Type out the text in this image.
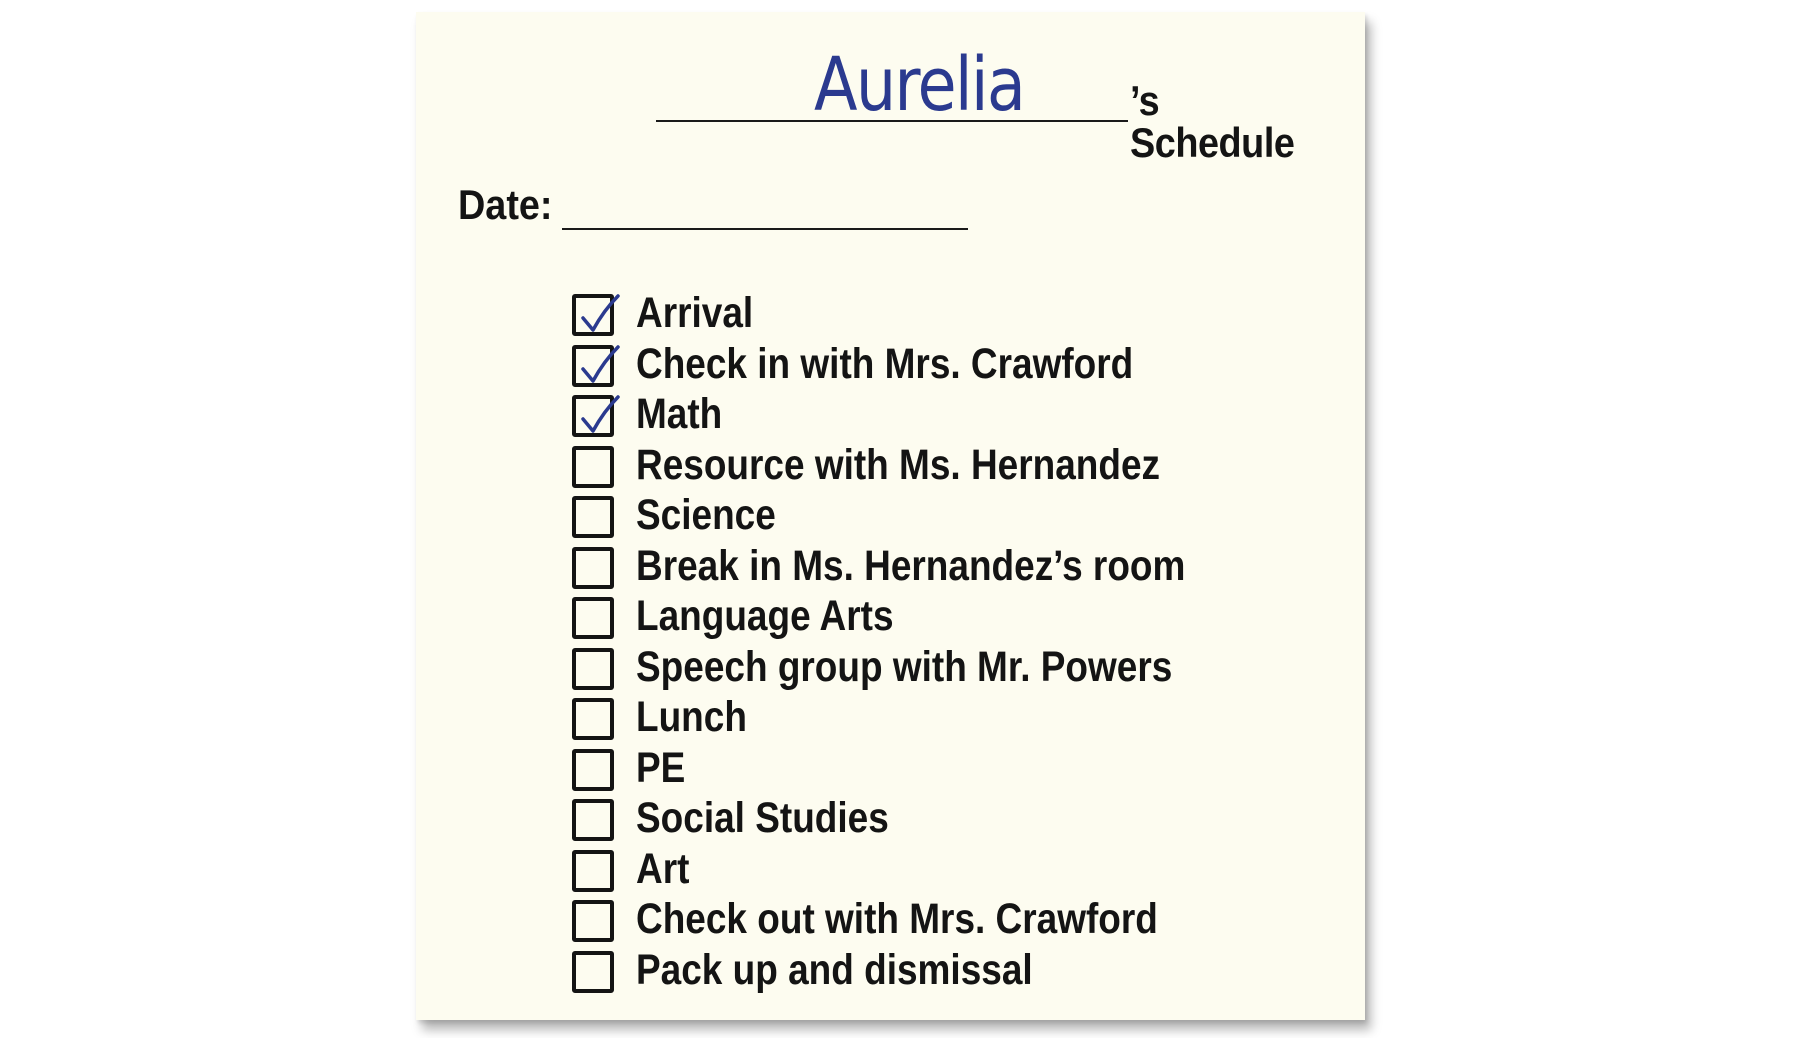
Aurelia	’s Schedule
Date:
Arrival
Check in with Mrs. Crawford
Math
Resource with Ms. Hernandez
Science
Break in Ms. Hernandez’s room
Language Arts
Speech group with Mr. Powers
Lunch
PE
Social Studies
Art
Check out with Mrs. Crawford
Pack up and dismissal
